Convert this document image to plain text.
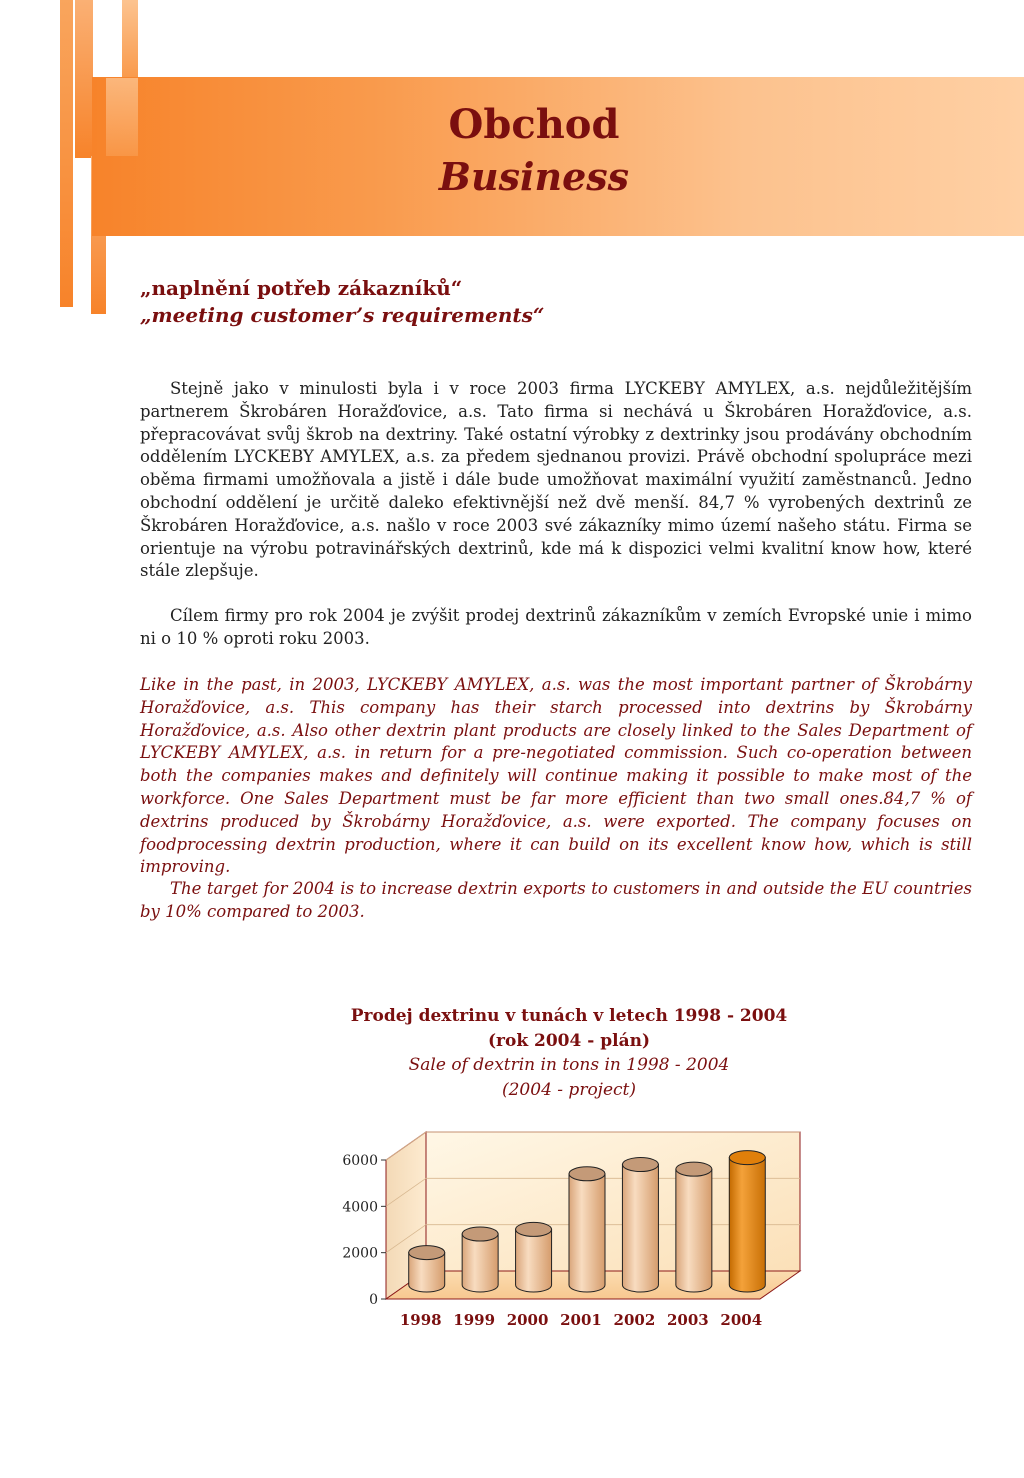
Obchod
Business
„naplnění potřeb zákazníků“
„meeting customer’s requirements“

Stejně jako v minulosti byla i v roce 2003 firma LYCKEBY AMYLEX, a.s. nejdůležitějším partnerem Škrobáren Horažďovice, a.s. Tato firma si nechává u Škrobáren Horažďovice, a.s. přepracovávat svůj škrob na dextriny. Také ostatní výrobky z dextrinky jsou prodávány obchodním oddělením LYCKEBY AMYLEX, a.s. za předem sjednanou provizi. Právě obchodní spolupráce mezi oběma firmami umožňovala a jistě i dále bude umožňovat maximální využití zaměstnanců. Jedno obchodní oddělení je určitě daleko efektivnější než dvě menší. 84,7 % vyrobených dextrinů ze Škrobáren Horažďovice, a.s. našlo v roce 2003 své zákazníky mimo území našeho státu. Firma se orientuje na výrobu potravinářských dextrinů, kde má k dispozici velmi kvalitní know how, které stále zlepšuje.

Cílem firmy pro rok 2004 je zvýšit prodej dextrinů zákazníkům v zemích Evropské unie i mimo ni o 10 % oproti roku 2003.

Like in the past, in 2003, LYCKEBY AMYLEX, a.s. was the most important partner of Škrobárny Horažďovice, a.s. This company has their starch processed into dextrins by Škrobárny Horažďovice, a.s. Also other dextrin plant products are closely linked to the Sales Department of LYCKEBY AMYLEX, a.s. in return for a pre-negotiated commission. Such co-operation between both the companies makes and definitely will continue making it possible to make most of the workforce. One Sales Department must be far more efficient than two small ones.84,7 % of dextrins produced by Škrobárny Horažďovice, a.s. were exported. The company focuses on foodprocessing dextrin production, where it can build on its excellent know how, which is still improving.

The target for 2004 is to increase dextrin exports to customers in and outside the EU countries by 10% compared to 2003.

Prodej dextrinu v tunách v letech 1998 - 2004
(rok 2004 - plán)
Sale of dextrin in tons in 1998 - 2004
(2004 - project)
0
2000
4000
6000
1998 1999 2000 2001 2002 2003 2004
